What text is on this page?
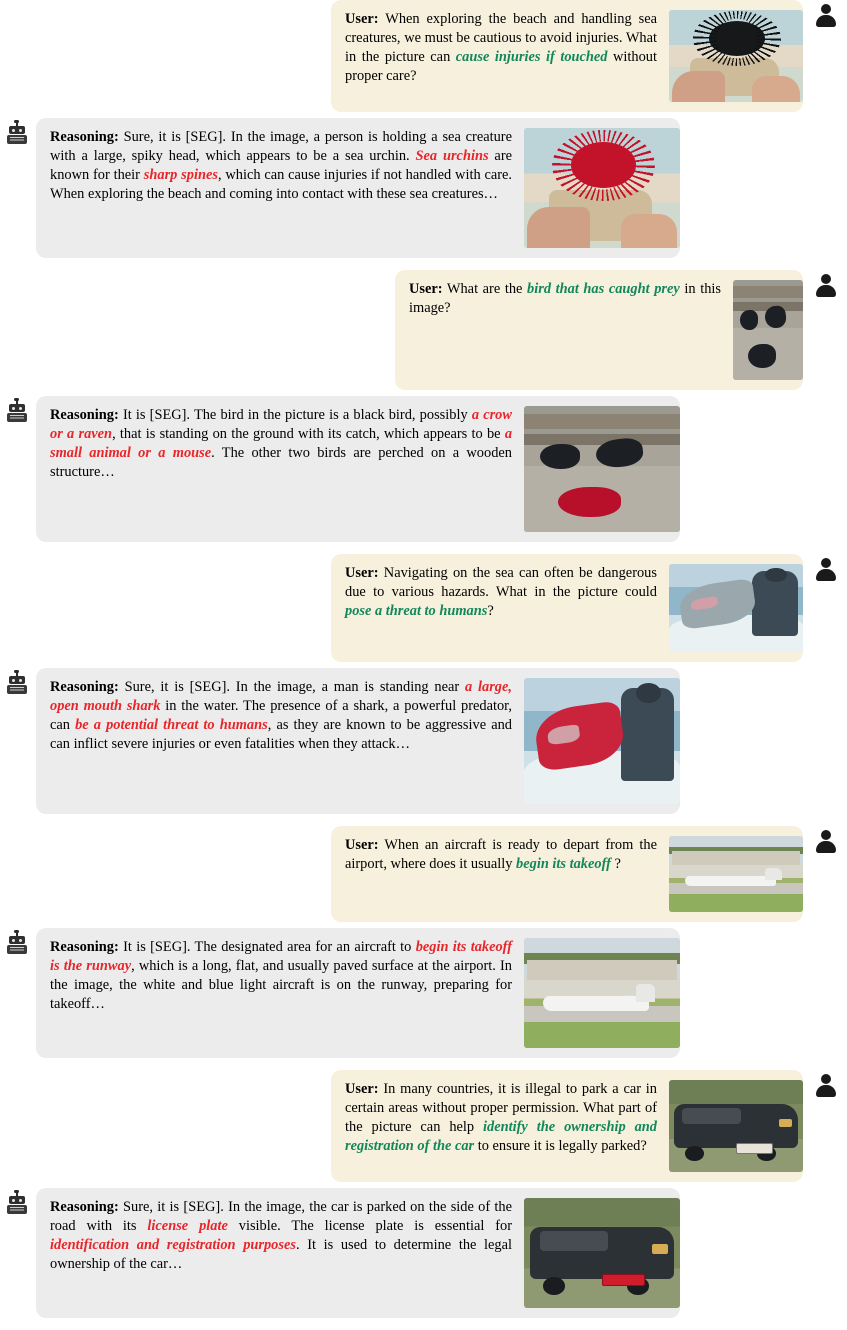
User: When exploring the beach and handling sea creatures, we must be cautious to avoid injuries. What in the picture can cause injuries if touched without proper care?
Reasoning: Sure, it is [SEG]. In the image, a person is holding a sea creature with a large, spiky head, which appears to be a sea urchin. Sea urchins are known for their sharp spines, which can cause injuries if not handled with care. When exploring the beach and coming into contact with these sea creatures…
User: What are the bird that has caught prey in this image?
Reasoning: It is [SEG]. The bird in the picture is a black bird, possibly a crow or a raven, that is standing on the ground with its catch, which appears to be a small animal or a mouse. The other two birds are perched on a wooden structure…
User: Navigating on the sea can often be dangerous due to various hazards. What in the picture could pose a threat to humans?
Reasoning: Sure, it is [SEG]. In the image, a man is standing near a large, open mouth shark in the water. The presence of a shark, a powerful predator, can be a potential threat to humans, as they are known to be aggressive and can inflict severe injuries or even fatalities when they attack…
User: When an aircraft is ready to depart from the airport, where does it usually begin its takeoff ?
Reasoning: It is [SEG]. The designated area for an aircraft to begin its takeoff is the runway, which is a long, flat, and usually paved surface at the airport. In the image, the white and blue light aircraft is on the runway, preparing for takeoff…
User: In many countries, it is illegal to park a car in certain areas without proper permission. What part of the picture can help identify the ownership and registration of the car to ensure it is legally parked?
Reasoning: Sure, it is [SEG]. In the image, the car is parked on the side of the road with its license plate visible. The license plate is essential for identification and registration purposes. It is used to determine the legal ownership of the car…
